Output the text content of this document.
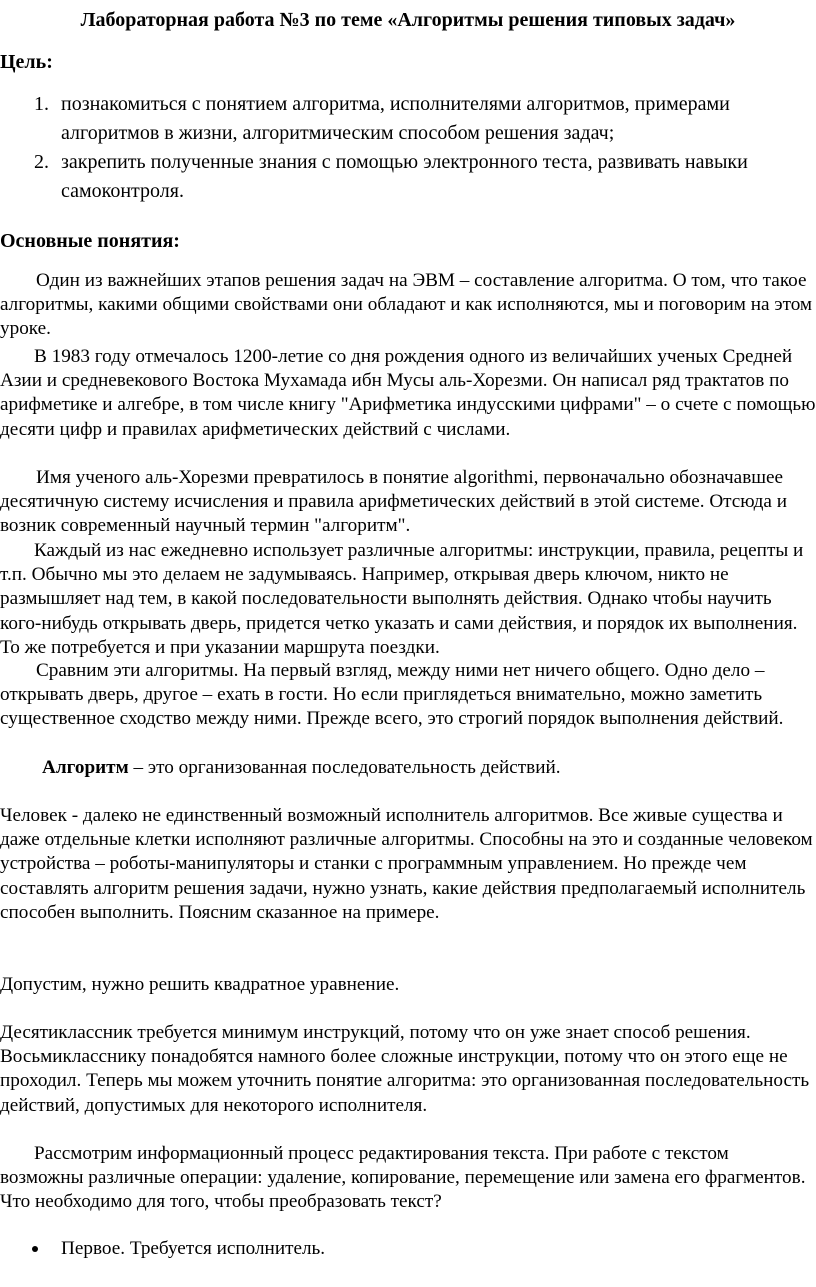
Лабораторная работа №3 по теме «Алгоритмы решения типовых задач»
Цель:
1. познакомиться с понятием алгоритма, исполнителями алгоритмов, примерами алгоритмов в жизни, алгоритмическим способом решения задач;
2. закрепить полученные знания с помощью электронного теста, развивать навыки самоконтроля.
Основные понятия:

Один из важнейших этапов решения задач на ЭВМ – составление алгоритма. О том, что такое алгоритмы, какими общими свойствами они обладают и как исполняются, мы и поговорим на этом уроке.

В 1983 году отмечалось 1200-летие со дня рождения одного из величайших ученых Средней Азии и средневекового Востока Мухамада ибн Мусы аль-Хорезми. Он написал ряд трактатов по арифметике и алгебре, в том числе книгу "Арифметика индусскими цифрами" – о счете с помощью десяти цифр и правилах арифметических действий с числами.

Имя ученого аль-Хорезми превратилось в понятие algorithmi, первоначально обозначавшее десятичную систему исчисления и правила арифметических действий в этой системе. Отсюда и возник современный научный термин "алгоритм".

Каждый из нас ежедневно использует различные алгоритмы: инструкции, правила, рецепты и т.п. Обычно мы это делаем не задумываясь. Например, открывая дверь ключом, никто не размышляет над тем, в какой последовательности выполнять действия. Однако чтобы научить кого-нибудь открывать дверь, придется четко указать и сами действия, и порядок их выполнения. То же потребуется и при указании маршрута поездки.

Сравним эти алгоритмы. На первый взгляд, между ними нет ничего общего. Одно дело – открывать дверь, другое – ехать в гости. Но если приглядеться внимательно, можно заметить существенное сходство между ними. Прежде всего, это строгий порядок выполнения действий.

Алгоритм – это организованная последовательность действий.

Человек - далеко не единственный возможный исполнитель алгоритмов. Все живые существа и даже отдельные клетки исполняют различные алгоритмы. Способны на это и созданные человеком устройства – роботы-манипуляторы и станки с программным управлением. Но прежде чем составлять алгоритм решения задачи, нужно узнать, какие действия предполагаемый исполнитель способен выполнить. Поясним сказанное на примере.

Допустим, нужно решить квадратное уравнение.

Десятиклассник требуется минимум инструкций, потому что он уже знает способ решения. Восьмикласснику понадобятся намного более сложные инструкции, потому что он этого еще не проходил. Теперь мы можем уточнить понятие алгоритма: это организованная последовательность действий, допустимых для некоторого исполнителя.

Рассмотрим информационный процесс редактирования текста. При работе с текстом возможны различные операции: удаление, копирование, перемещение или замена его фрагментов. Что необходимо для того, чтобы преобразовать текст?

Первое. Требуется исполнитель.
